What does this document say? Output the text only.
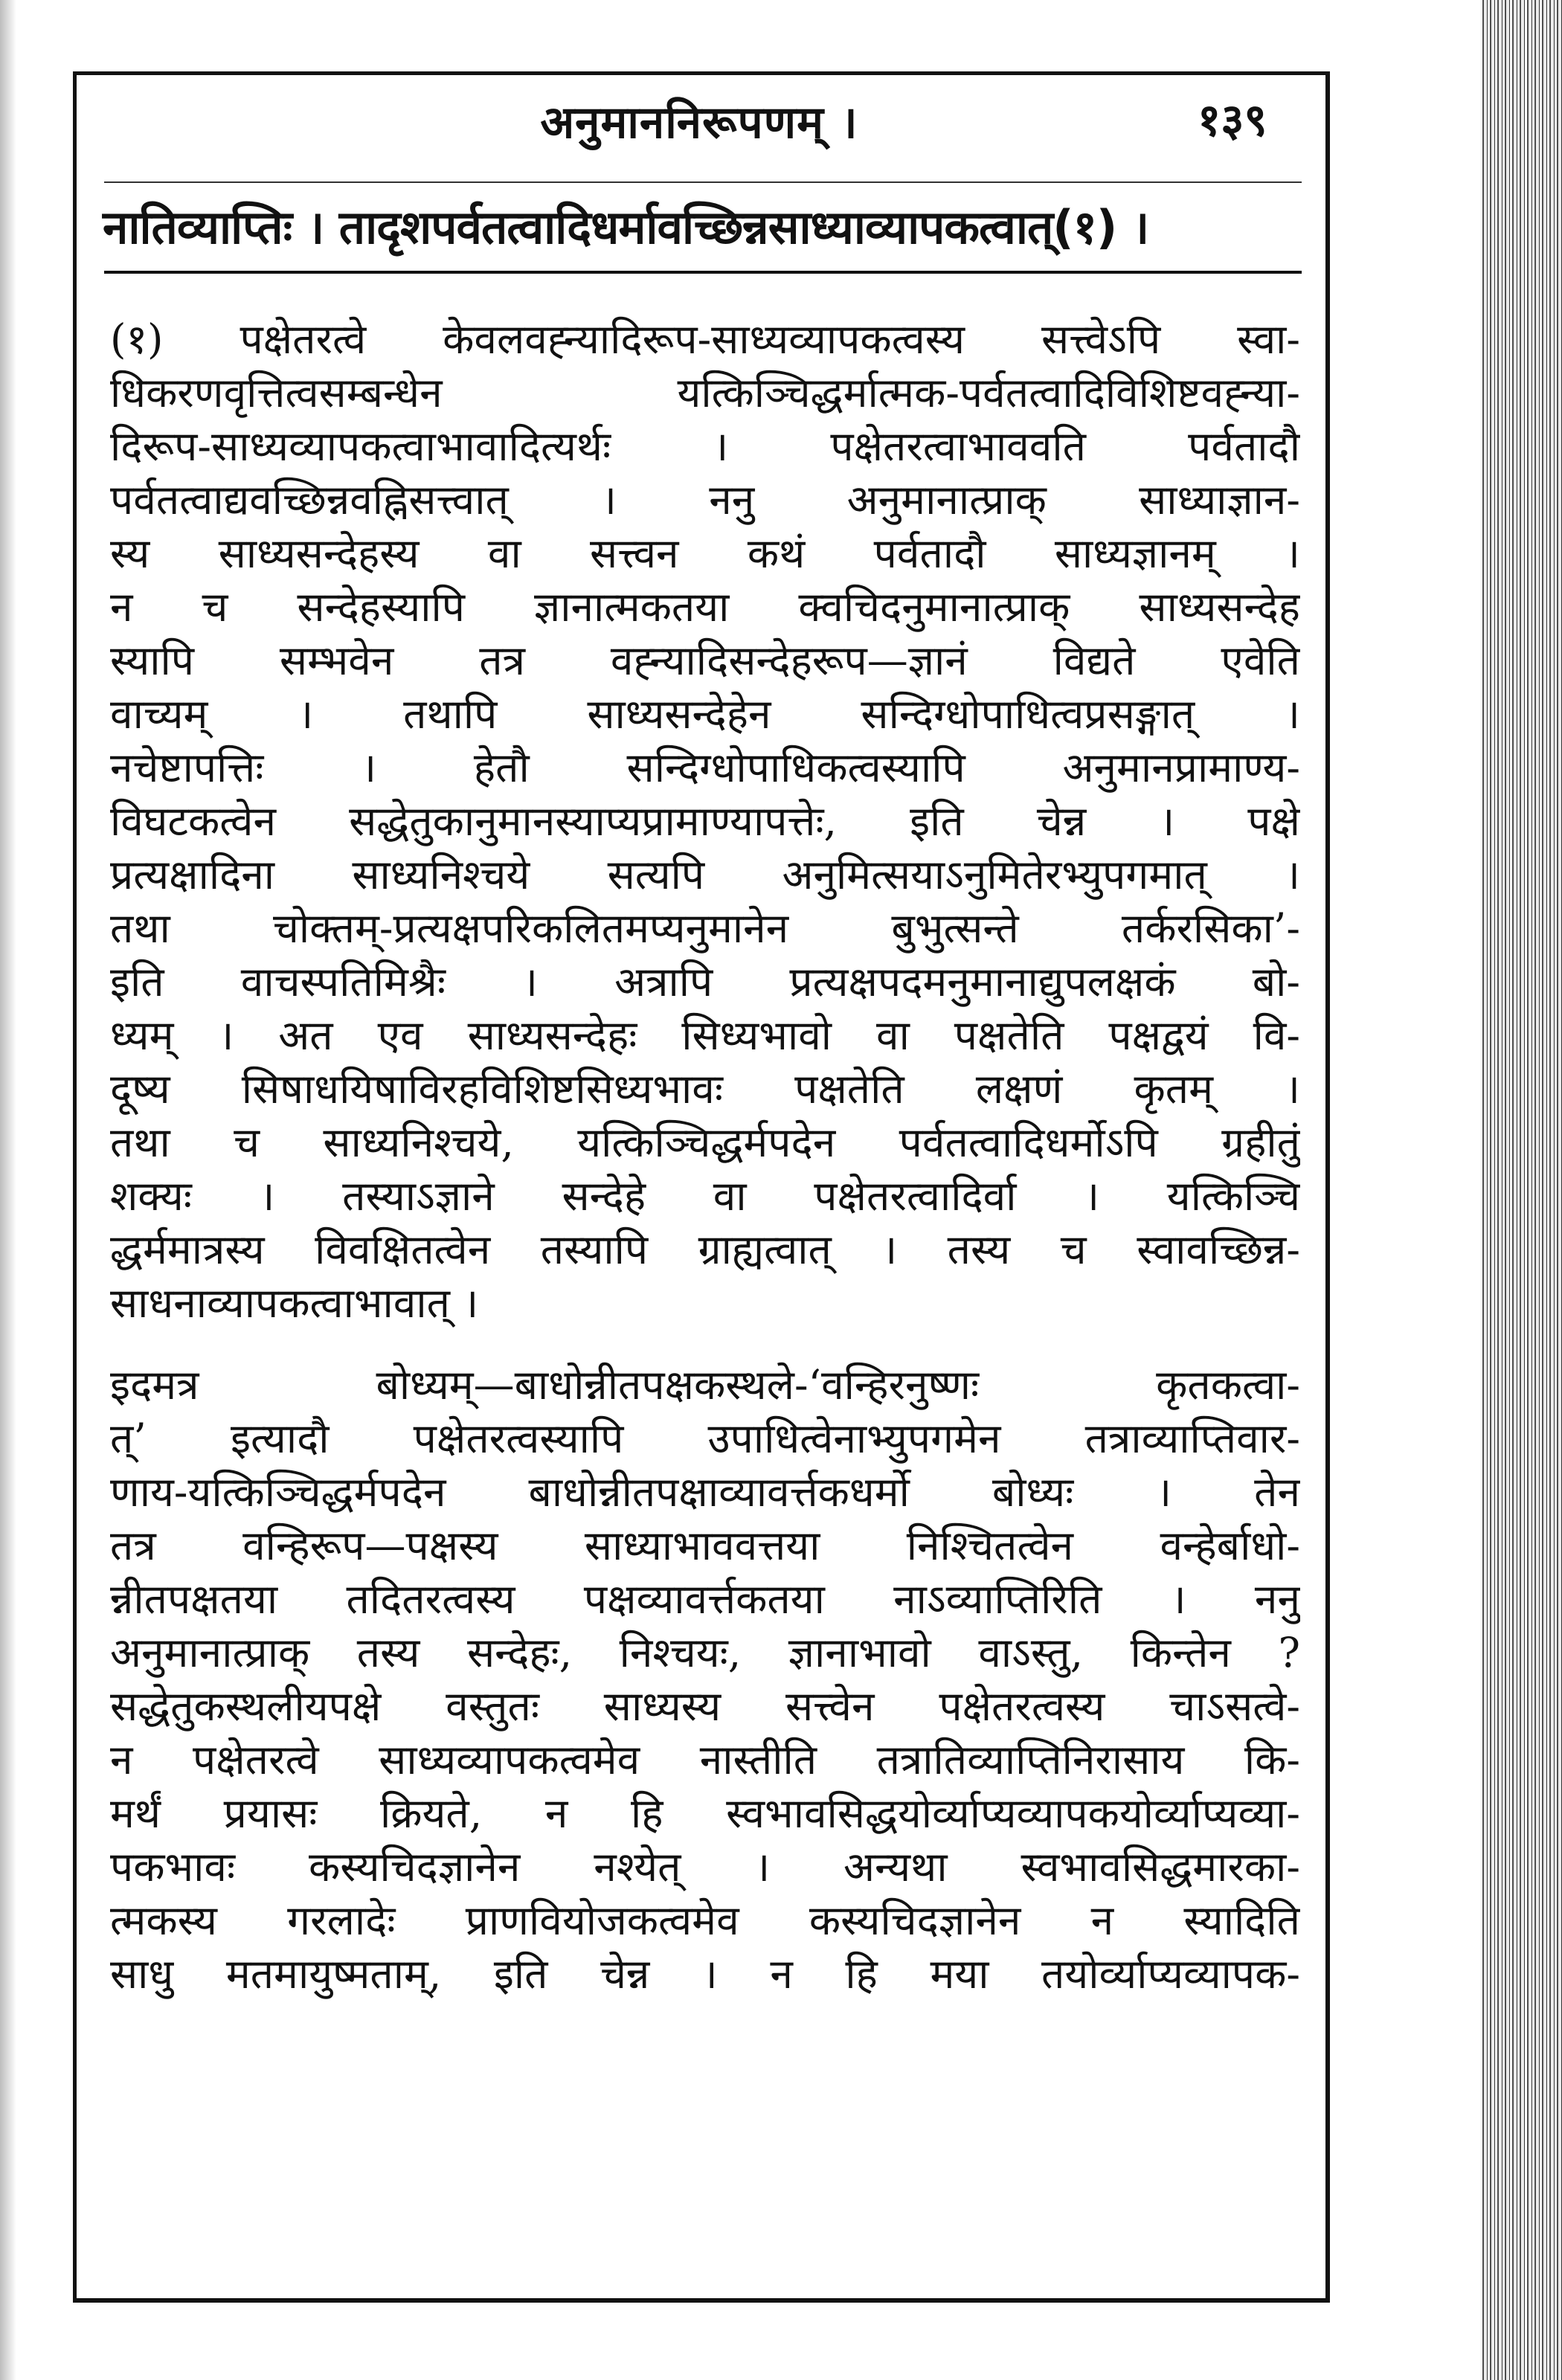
अनुमाननिरूपणम् ।	१३९
नातिव्याप्तिः । तादृशपर्वतत्वादिधर्मावच्छिन्नसाध्याव्यापकत्वात्(१) ।
(१) पक्षेतरत्वे केवलवह्न्यादिरूप-साध्यव्यापकत्वस्य सत्त्वेऽपि स्वा-
धिकरणवृत्तित्वसम्बन्धेन यत्किञ्चिद्धर्मात्मक-पर्वतत्वादिविशिष्टवह्न्या-
दिरूप-साध्यव्यापकत्वाभावादित्यर्थः । पक्षेतरत्वाभाववति पर्वतादौ
पर्वतत्वाद्यवच्छिन्नवह्निसत्त्वात् । ननु अनुमानात्प्राक् साध्याज्ञान-
स्य साध्यसन्देहस्य वा सत्त्वन कथं पर्वतादौ साध्यज्ञानम् ।
न च सन्देहस्यापि ज्ञानात्मकतया क्वचिदनुमानात्प्राक् साध्यसन्देह
स्यापि सम्भवेन तत्र वह्न्यादिसन्देहरूप—ज्ञानं विद्यते एवेति
वाच्यम् । तथापि साध्यसन्देहेन सन्दिग्धोपाधित्वप्रसङ्गात् ।
नचेष्टापत्तिः । हेतौ सन्दिग्धोपाधिकत्वस्यापि अनुमानप्रामाण्य-
विघटकत्वेन सद्धेतुकानुमानस्याप्यप्रामाण्यापत्तेः, इति चेन्न । पक्षे
प्रत्यक्षादिना साध्यनिश्चये सत्यपि अनुमित्सयाऽनुमितेरभ्युपगमात् ।
तथा चोक्तम्-प्रत्यक्षपरिकलितमप्यनुमानेन बुभुत्सन्ते तर्करसिका’-
इति वाचस्पतिमिश्रैः । अत्रापि प्रत्यक्षपदमनुमानाद्युपलक्षकं बो-
ध्यम् । अत एव साध्यसन्देहः सिध्यभावो वा पक्षतेति पक्षद्वयं वि-
दूष्य सिषाधयिषाविरहविशिष्टसिध्यभावः पक्षतेति लक्षणं कृतम् ।
तथा च साध्यनिश्चये, यत्किञ्चिद्धर्मपदेन पर्वतत्वादिधर्मोऽपि ग्रहीतुं
शक्यः । तस्याऽज्ञाने सन्देहे वा पक्षेतरत्वादिर्वा । यत्किञ्चि
द्धर्ममात्रस्य विवक्षितत्वेन तस्यापि ग्राह्यत्वात् । तस्य च स्वावच्छिन्न-
साधनाव्यापकत्वाभावात् ।
इदमत्र बोध्यम्—बाधोन्नीतपक्षकस्थले-‘वन्हिरनुष्णः कृतकत्वा-
त्’ इत्यादौ पक्षेतरत्वस्यापि उपाधित्वेनाभ्युपगमेन तत्राव्याप्तिवार-
णाय-यत्किञ्चिद्धर्मपदेन बाधोन्नीतपक्षाव्यावर्त्तकधर्मो बोध्यः । तेन
तत्र वन्हिरूप—पक्षस्य साध्याभाववत्तया निश्चितत्वेन वन्हेर्बाधो-
न्नीतपक्षतया तदितरत्वस्य पक्षव्यावर्त्तकतया नाऽव्याप्तिरिति । ननु
अनुमानात्प्राक् तस्य सन्देहः, निश्चयः, ज्ञानाभावो वाऽस्तु, किन्तेन ?
सद्धेतुकस्थलीयपक्षे वस्तुतः साध्यस्य सत्त्वेन पक्षेतरत्वस्य चाऽसत्वे-
न पक्षेतरत्वे साध्यव्यापकत्वमेव नास्तीति तत्रातिव्याप्तिनिरासाय कि-
मर्थं प्रयासः क्रियते, न हि स्वभावसिद्धयोर्व्याप्यव्यापकयोर्व्याप्यव्या-
पकभावः कस्यचिदज्ञानेन नश्येत् । अन्यथा स्वभावसिद्धमारका-
त्मकस्य गरलादेः प्राणवियोजकत्वमेव कस्यचिदज्ञानेन न स्यादिति
साधु मतमायुष्मताम्, इति चेन्न । न हि मया तयोर्व्याप्यव्यापक-
